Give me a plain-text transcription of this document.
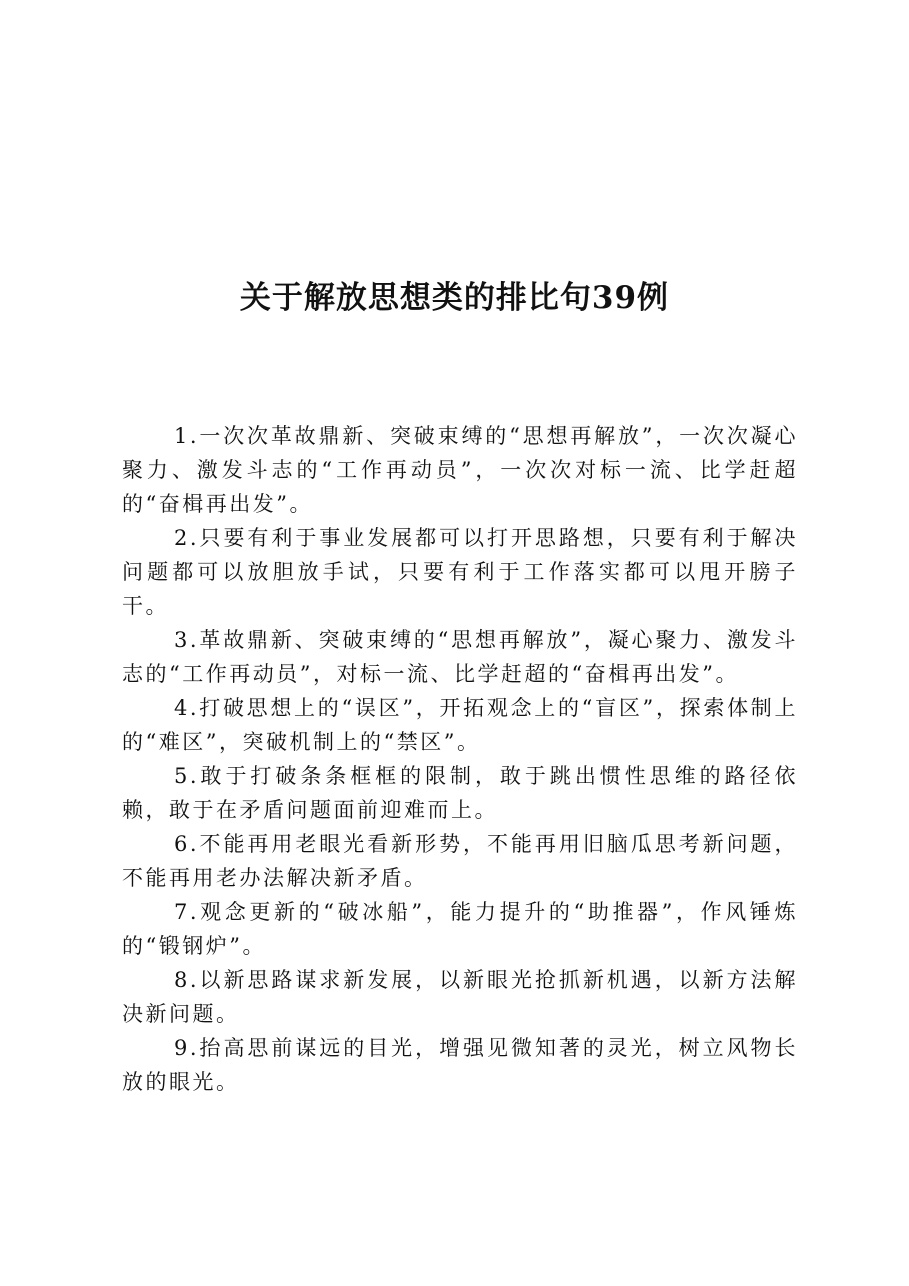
关于解放思想类的排比句39例

1.一次次革故鼎新、突破束缚的“思想再解放”，一次次凝心聚力、激发斗志的“工作再动员”，一次次对标一流、比学赶超的“奋楫再出发”。

2.只要有利于事业发展都可以打开思路想，只要有利于解决问题都可以放胆放手试，只要有利于工作落实都可以甩开膀子干。

3.革故鼎新、突破束缚的“思想再解放”，凝心聚力、激发斗志的“工作再动员”，对标一流、比学赶超的“奋楫再出发”。

4.打破思想上的“误区”，开拓观念上的“盲区”，探索体制上的“难区”，突破机制上的“禁区”。

5.敢于打破条条框框的限制，敢于跳出惯性思维的路径依赖，敢于在矛盾问题面前迎难而上。

6.不能再用老眼光看新形势，不能再用旧脑瓜思考新问题，不能再用老办法解决新矛盾。

7.观念更新的“破冰船”，能力提升的“助推器”，作风锤炼的“锻钢炉”。

8.以新思路谋求新发展，以新眼光抢抓新机遇，以新方法解决新问题。

9.抬高思前谋远的目光，增强见微知著的灵光，树立风物长放的眼光。
